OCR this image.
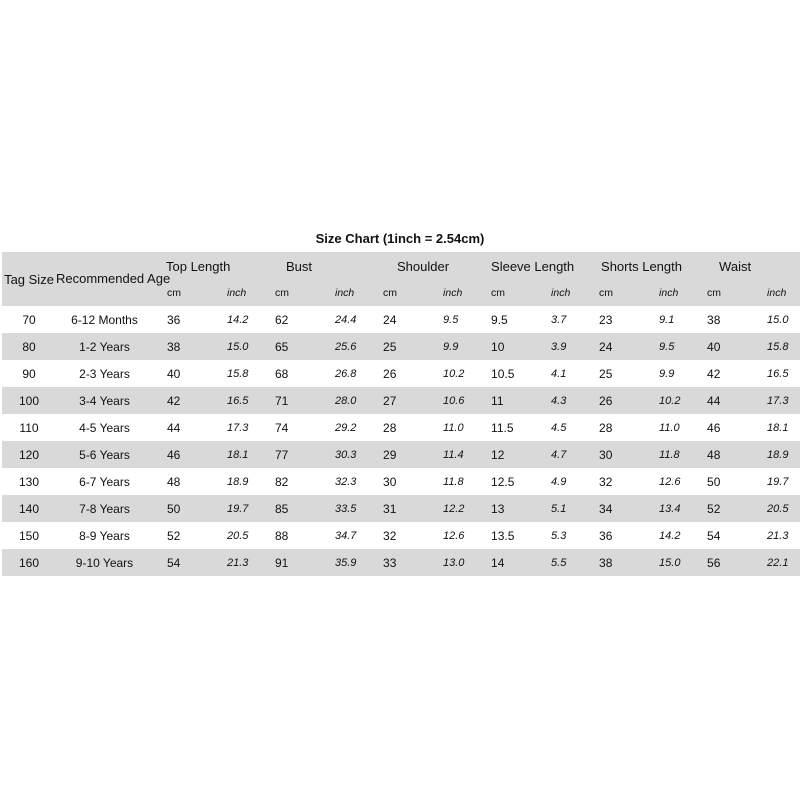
Size Chart (1inch = 2.54cm)
Tag Size	Recommended Age	Top Length		Bust		Shoulder		Sleeve Length		Shorts Length		Waist	
		cm	inch	cm	inch	cm	inch	cm	inch	cm	inch	cm	inch
70	6-12 Months	36	14.2	62	24.4	24	9.5	9.5	3.7	23	9.1	38	15.0
80	1-2 Years	38	15.0	65	25.6	25	9.9	10	3.9	24	9.5	40	15.8
90	2-3 Years	40	15.8	68	26.8	26	10.2	10.5	4.1	25	9.9	42	16.5
100	3-4 Years	42	16.5	71	28.0	27	10.6	11	4.3	26	10.2	44	17.3
110	4-5 Years	44	17.3	74	29.2	28	11.0	11.5	4.5	28	11.0	46	18.1
120	5-6 Years	46	18.1	77	30.3	29	11.4	12	4.7	30	11.8	48	18.9
130	6-7 Years	48	18.9	82	32.3	30	11.8	12.5	4.9	32	12.6	50	19.7
140	7-8 Years	50	19.7	85	33.5	31	12.2	13	5.1	34	13.4	52	20.5
150	8-9 Years	52	20.5	88	34.7	32	12.6	13.5	5.3	36	14.2	54	21.3
160	9-10 Years	54	21.3	91	35.9	33	13.0	14	5.5	38	15.0	56	22.1
